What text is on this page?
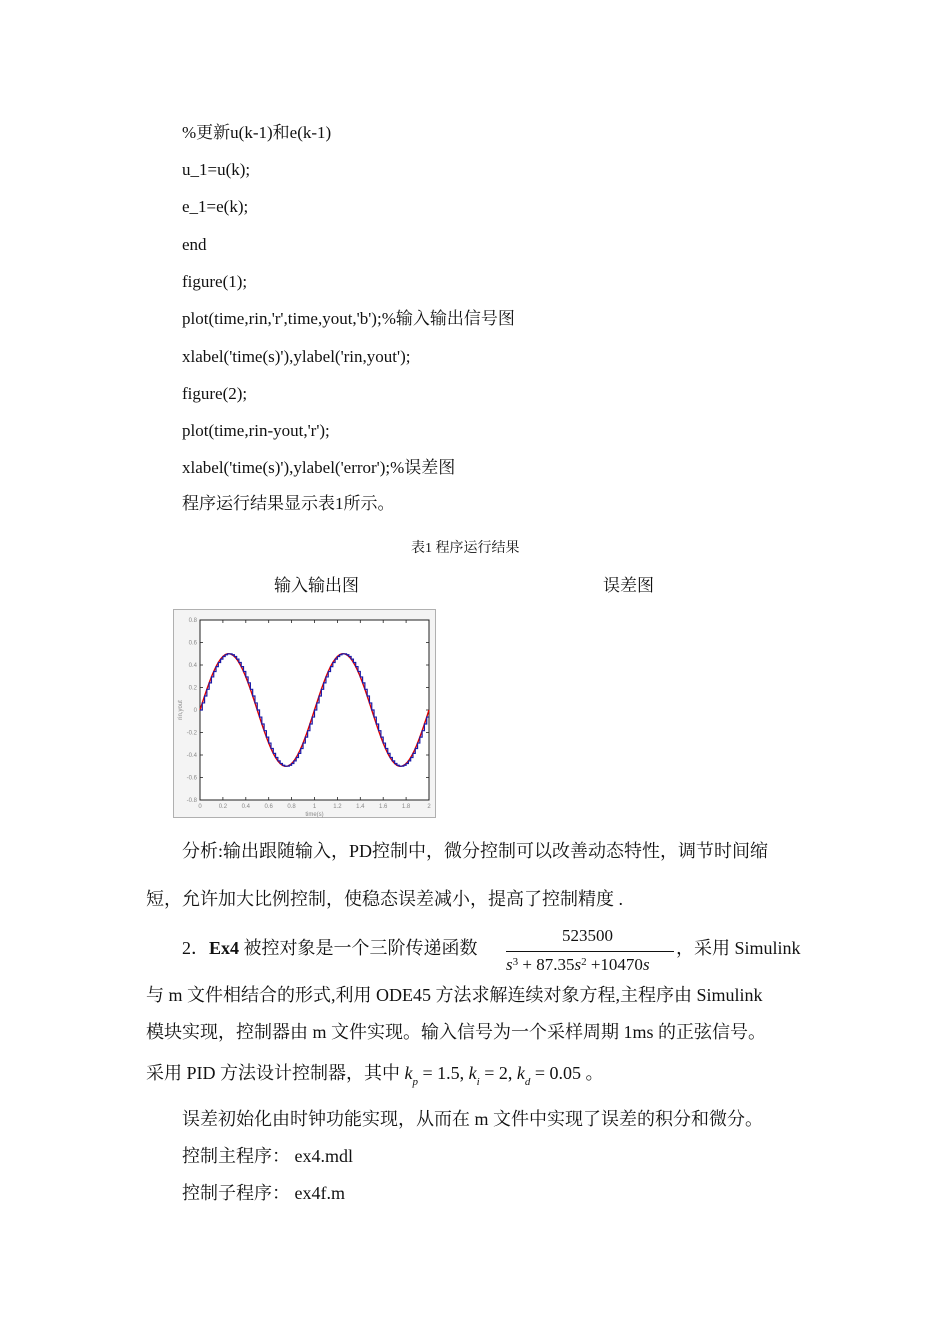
%更新u(k-1)和e(k-1)
u_1=u(k);
e_1=e(k);
end
figure(1);
plot(time,rin,'r',time,yout,'b');%输入输出信号图
xlabel('time(s)'),ylabel('rin,yout');
figure(2);
plot(time,rin-yout,'r');
xlabel('time(s)'),ylabel('error');%误差图
程序运行结果显示表1所示。
表1 程序运行结果
输入输出图	误差图
0	0.2 0.4 0.6 0.8	1	1.2 1.4 1.6 1.8	2
0.8
0.6
0.4
0.2
0
-0.2
-0.4
-0.6
-0.8
time(s)
rin,yout
分析:输出跟随输入，PD控制中，微分控制可以改善动态特性，调节时间缩
短，允许加大比例控制，使稳态误差减小，提高了控制精度 .
2．Ex4 被控对象是一个三阶传递函数
523500
$s^3 + 87.35s^2 +10470s$
，采用 Simulink
与 m 文件相结合的形式,利用 ODE45 方法求解连续对象方程,主程序由 Simulink
模块实现，控制器由 m 文件实现。输入信号为一个采样周期 1ms 的正弦信号。
采用 PID 方法设计控制器，其中 $k_p = 1.5$, $k_i = 2$, $k_d = 0.05$ 。
误差初始化由时钟功能实现，从而在 m 文件中实现了误差的积分和微分。
控制主程序： ex4.mdl
控制子程序： ex4f.m
